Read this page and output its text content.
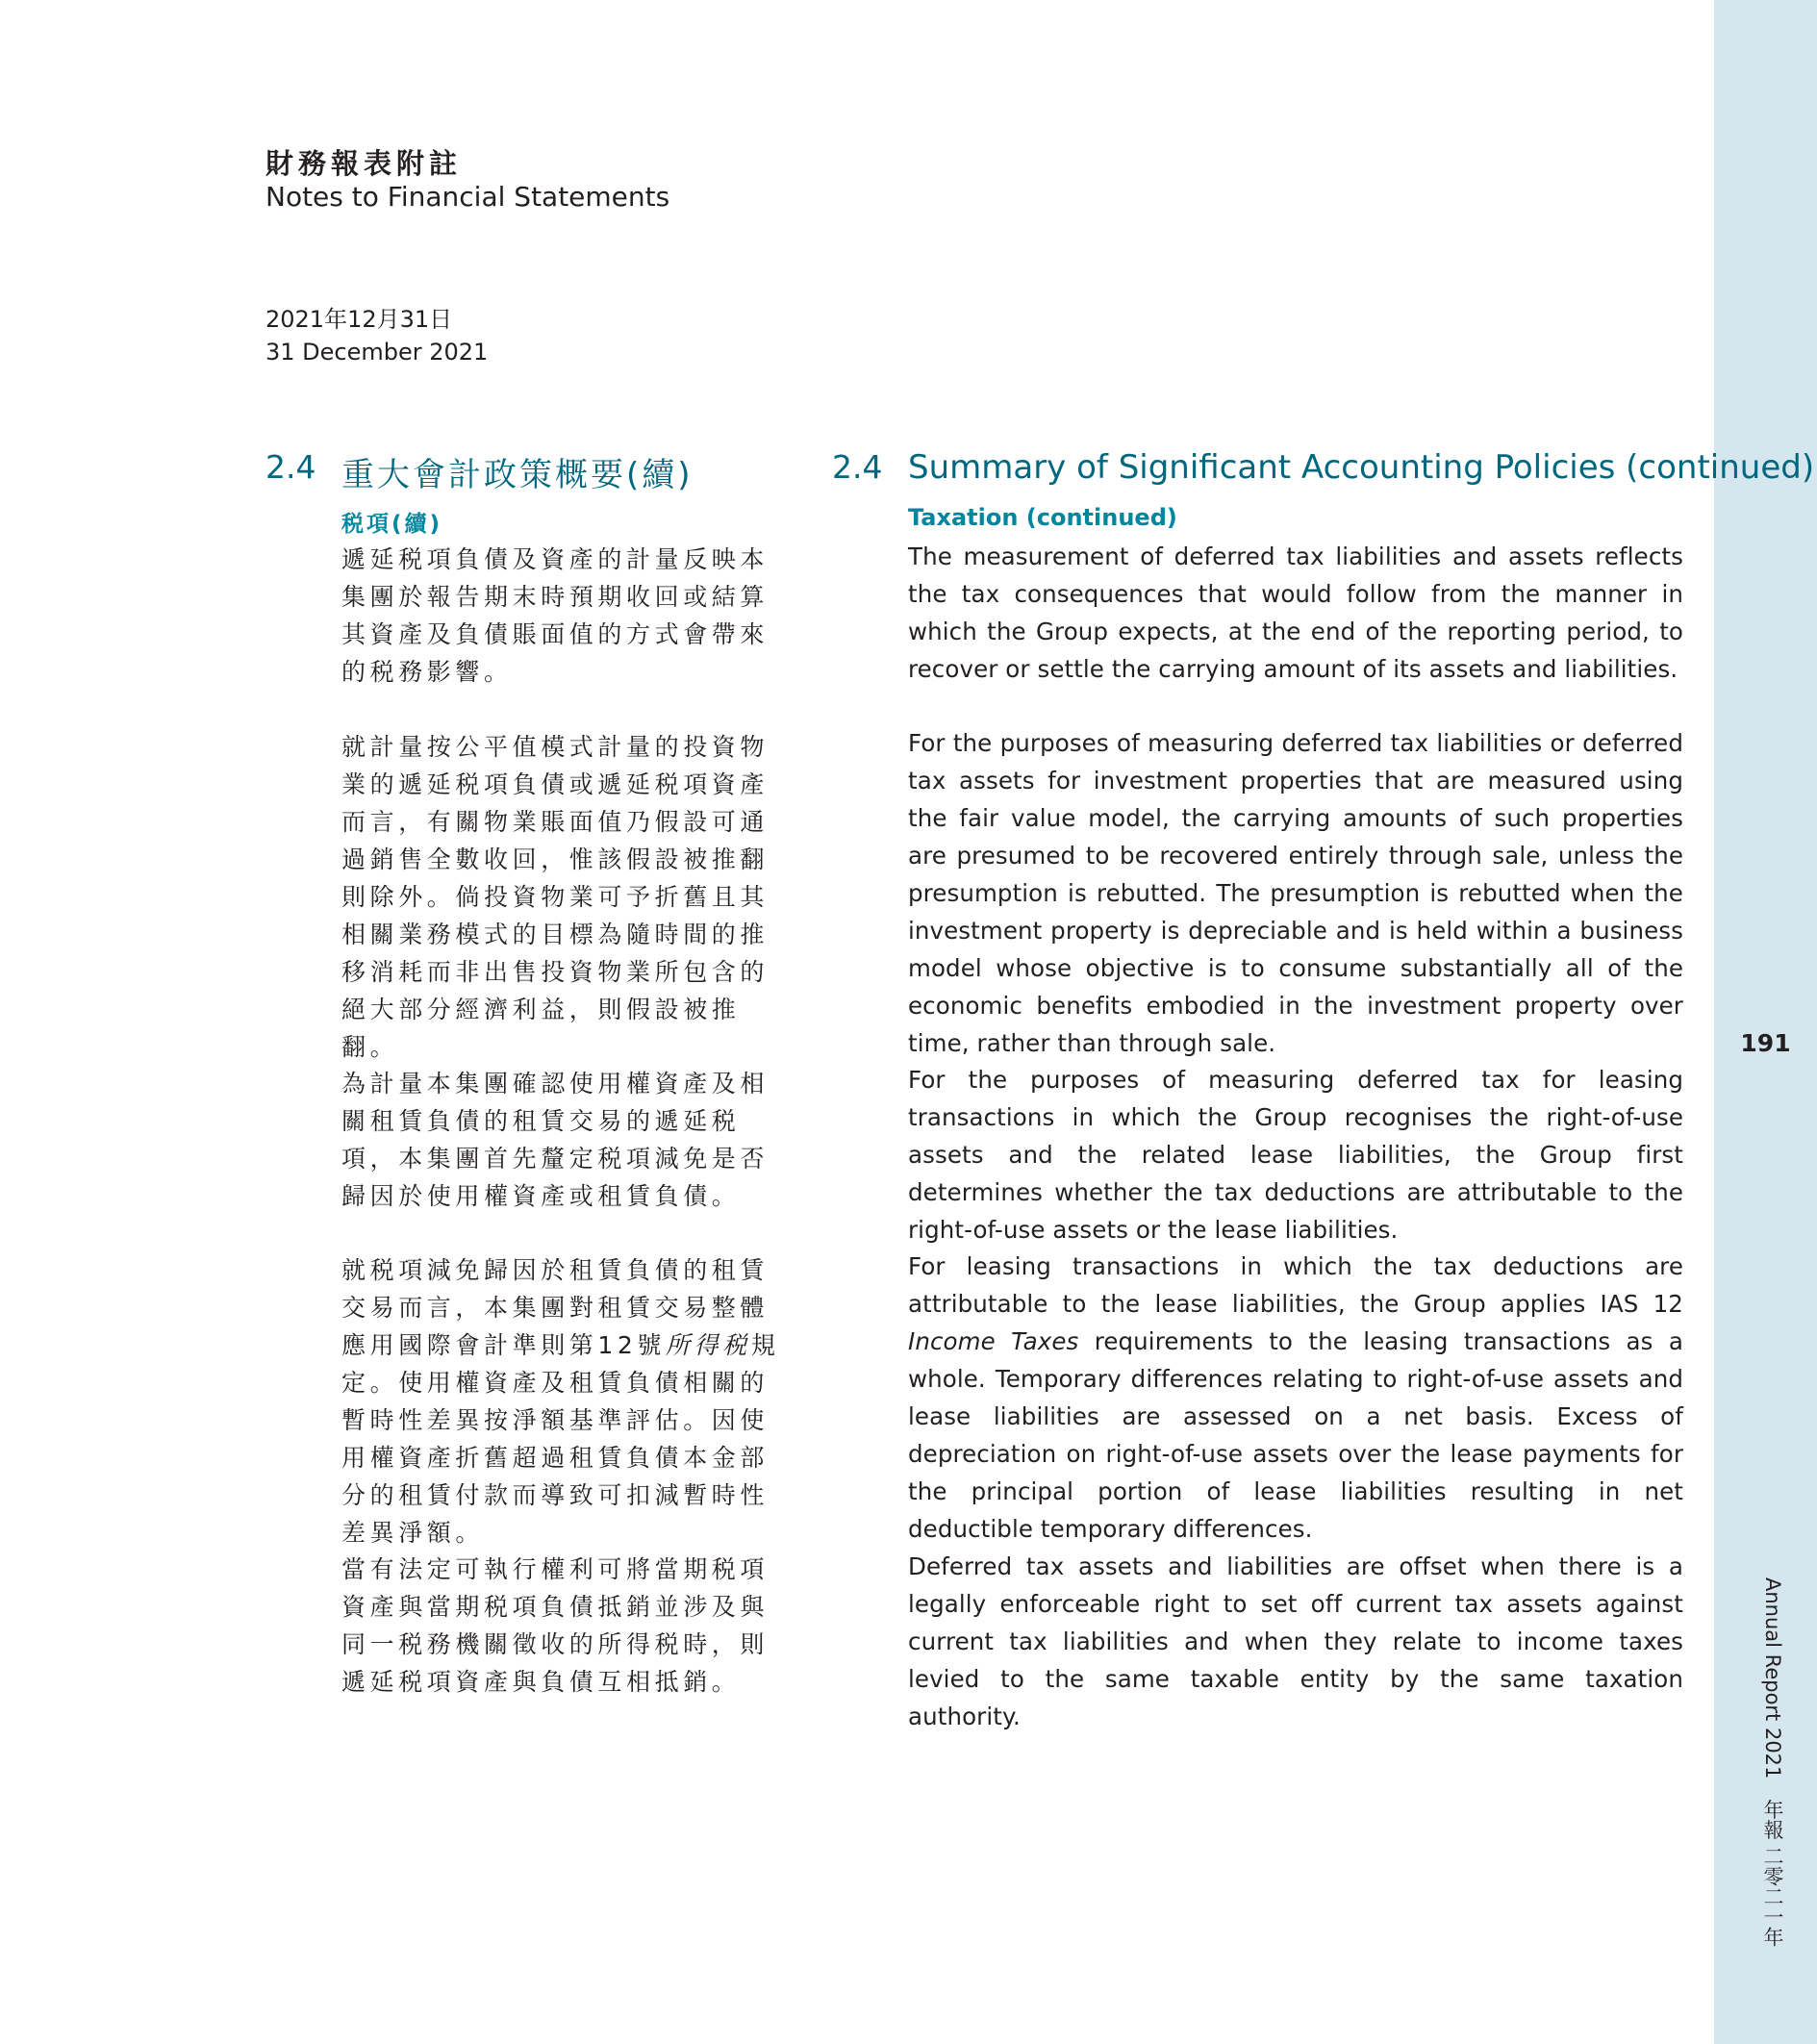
191
Annual Report 2021 年報 二零二一年
財務報表附註
Notes to Financial Statements
2021年12月31日
31 December 2021
2.4 重大會計政策概要(續)	2.4 Summary of Significant Accounting Policies (continued)
税項(續)	Taxation (continued)

遞延税項負債及資產的計量反映本集團於報告期末時預期收回或結算其資產及負債賬面值的方式會帶來的税務影響。

就計量按公平值模式計量的投資物業的遞延税項負債或遞延税項資產而言，有關物業賬面值乃假設可通過銷售全數收回，惟該假設被推翻則除外。倘投資物業可予折舊且其相關業務模式的目標為隨時間的推移消耗而非出售投資物業所包含的絕大部分經濟利益，則假設被推翻。

為計量本集團確認使用權資產及相關租賃負債的租賃交易的遞延税項，本集團首先釐定税項減免是否歸因於使用權資產或租賃負債。

就税項減免歸因於租賃負債的租賃交易而言，本集團對租賃交易整體應用國際會計準則第12號所得税規定。使用權資產及租賃負債相關的暫時性差異按淨額基準評估。因使用權資產折舊超過租賃負債本金部分的租賃付款而導致可扣減暫時性差異淨額。

當有法定可執行權利可將當期税項資產與當期税項負債抵銷並涉及與同一税務機關徵收的所得税時，則遞延税項資產與負債互相抵銷。

The measurement of deferred tax liabilities and assets reflects the tax consequences that would follow from the manner in which the Group expects, at the end of the reporting period, to recover or settle the carrying amount of its assets and liabilities.

For the purposes of measuring deferred tax liabilities or deferred tax assets for investment properties that are measured using the fair value model, the carrying amounts of such properties are presumed to be recovered entirely through sale, unless the presumption is rebutted. The presumption is rebutted when the investment property is depreciable and is held within a business model whose objective is to consume substantially all of the economic benefits embodied in the investment property over time, rather than through sale.

For the purposes of measuring deferred tax for leasing transactions in which the Group recognises the right-of-use assets and the related lease liabilities, the Group first determines whether the tax deductions are attributable to the right-of-use assets or the lease liabilities.

For leasing transactions in which the tax deductions are attributable to the lease liabilities, the Group applies IAS 12 Income Taxes requirements to the leasing transactions as a whole. Temporary differences relating to right-of-use assets and lease liabilities are assessed on a net basis. Excess of depreciation on right-of-use assets over the lease payments for the principal portion of lease liabilities resulting in net deductible temporary differences.

Deferred tax assets and liabilities are offset when there is a legally enforceable right to set off current tax assets against current tax liabilities and when they relate to income taxes levied to the same taxable entity by the same taxation authority.
